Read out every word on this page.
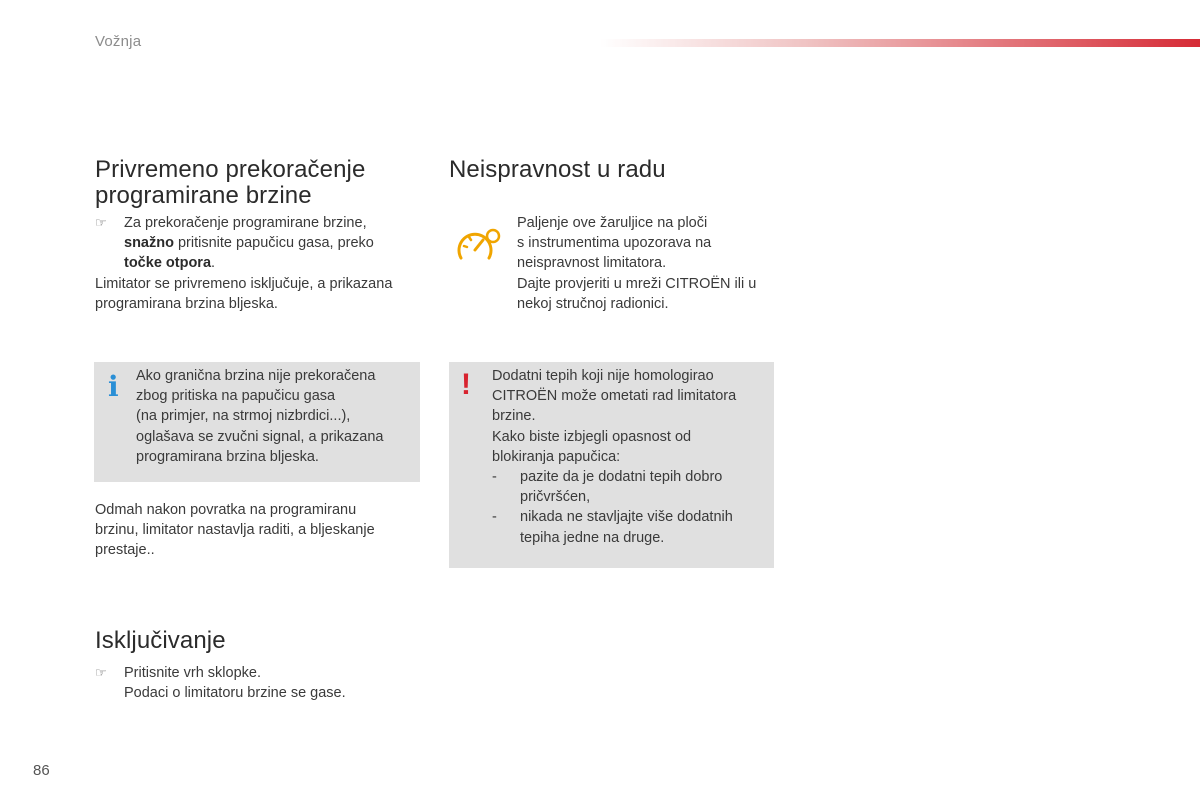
Vožnja
Privremeno prekoračenje
programirane brzine
☞ Za prekoračenje programirane brzine,

snažno pritisnite papučicu gasa, preko

točke otpora.

Limitator se privremeno isključuje, a prikazana

programirana brzina bljeska.

i Ako granična brzina nije prekoračena

zbog pritiska na papučicu gasa

(na primjer, na strmoj nizbrdici...),

oglašava se zvučni signal, a prikazana

programirana brzina bljeska.

Odmah nakon povratka na programiranu

brzinu, limitator nastavlja raditi, a bljeskanje

prestaje..

Isključivanje
☞ Pritisnite vrh sklopke.

Podaci o limitatoru brzine se gase.

Neispravnost u radu

Paljenje ove žaruljice na ploči

s instrumentima upozorava na

neispravnost limitatora.

Dajte provjeriti u mreži CITROËN ili u

nekoj stručnoj radionici.

! Dodatni tepih koji nije homologirao

CITROËN može ometati rad limitatora

brzine.

Kako biste izbjegli opasnost od

blokiranja papučica:

- pazite da je dodatni tepih dobro

pričvršćen,

- nikada ne stavljajte više dodatnih

tepiha jedne na druge.

86
